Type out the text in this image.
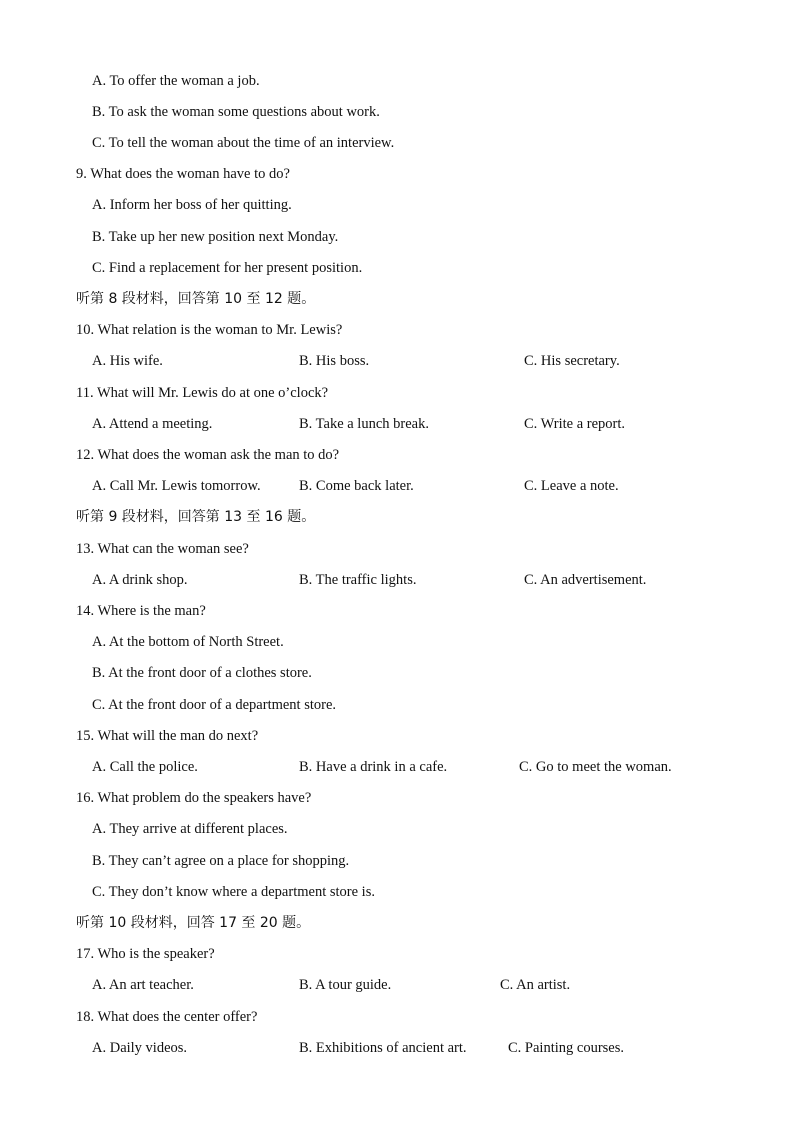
A. To offer the woman a job.
B. To ask the woman some questions about work.
C. To tell the woman about the time of an interview.
9. What does the woman have to do?
A. Inform her boss of her quitting.
B. Take up her new position next Monday.
C. Find a replacement for her present position.
听第 8 段材料，回答第 10 至 12 题。
10. What relation is the woman to Mr. Lewis?
A. His wife.	B. His boss.	C. His secretary.
11. What will Mr. Lewis do at one o’clock?
A. Attend a meeting.	B. Take a lunch break.	C. Write a report.
12. What does the woman ask the man to do?
A. Call Mr. Lewis tomorrow.	B. Come back later.	C. Leave a note.
听第 9 段材料，回答第 13 至 16 题。
13. What can the woman see?
A. A drink shop.	B. The traffic lights.	C. An advertisement.
14. Where is the man?
A. At the bottom of North Street.
B. At the front door of a clothes store.
C. At the front door of a department store.
15. What will the man do next?
A. Call the police.	B. Have a drink in a cafe.	C. Go to meet the woman.
16. What problem do the speakers have?
A. They arrive at different places.
B. They can’t agree on a place for shopping.
C. They don’t know where a department store is.
听第 10 段材料，回答 17 至 20 题。
17. Who is the speaker?
A. An art teacher.	B. A tour guide.	C. An artist.
18. What does the center offer?
A. Daily videos.	B. Exhibitions of ancient art.	C. Painting courses.
